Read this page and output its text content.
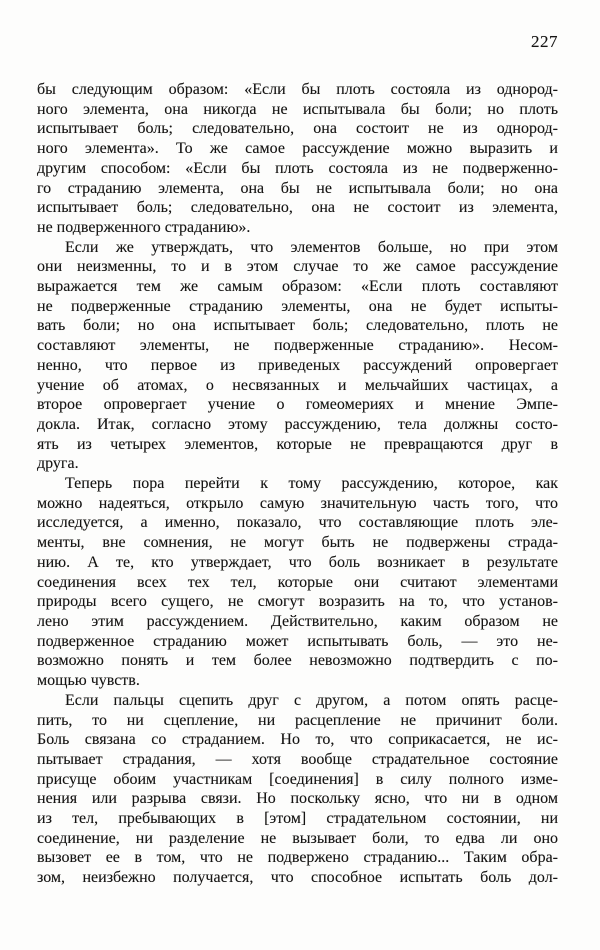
227
бы следующим образом: «Если бы плоть состояла из однород-
ного элемента, она никогда не испытывала бы боли; но плоть
испытывает боль; следовательно, она состоит не из однород-
ного элемента». То же самое рассуждение можно выразить и
другим способом: «Если бы плоть состояла из не подверженно-
го страданию элемента, она бы не испытывала боли; но она
испытывает боль; следовательно, она не состоит из элемента,
не подверженного страданию».
Если же утверждать, что элементов больше, но при этом
они неизменны, то и в этом случае то же самое рассуждение
выражается тем же самым образом: «Если плоть составляют
не подверженные страданию элементы, она не будет испыты-
вать боли; но она испытывает боль; следовательно, плоть не
составляют элементы, не подверженные страданию». Несом-
ненно, что первое из приведеных рассуждений опровергает
учение об атомах, о несвязанных и мельчайших частицах, а
второе опровергает учение о гомеомериях и мнение Эмпе-
докла. Итак, согласно этому рассуждению, тела должны состо-
ять из четырех элементов, которые не превращаются друг в
друга.
Теперь пора перейти к тому рассуждению, которое, как
можно надеяться, открыло самую значительную часть того, что
исследуется, а именно, показало, что составляющие плоть эле-
менты, вне сомнения, не могут быть не подвержены страда-
нию. А те, кто утверждает, что боль возникает в результате
соединения всех тех тел, которые они считают элементами
природы всего сущего, не смогут возразить на то, что установ-
лено этим рассуждением. Действительно, каким образом не
подверженное страданию может испытывать боль, — это не-
возможно понять и тем более невозможно подтвердить с по-
мощью чувств.
Если пальцы сцепить друг с другом, а потом опять расце-
пить, то ни сцепление, ни расцепление не причинит боли.
Боль связана со страданием. Но то, что соприкасается, не ис-
пытывает страдания, — хотя вообще страдательное состояние
присуще обоим участникам [соединения] в силу полного изме-
нения или разрыва связи. Но поскольку ясно, что ни в одном
из тел, пребывающих в [этом] страдательном состоянии, ни
соединение, ни разделение не вызывает боли, то едва ли оно
вызовет ее в том, что не подвержено страданию... Таким обра-
зом, неизбежно получается, что способное испытать боль дол-
